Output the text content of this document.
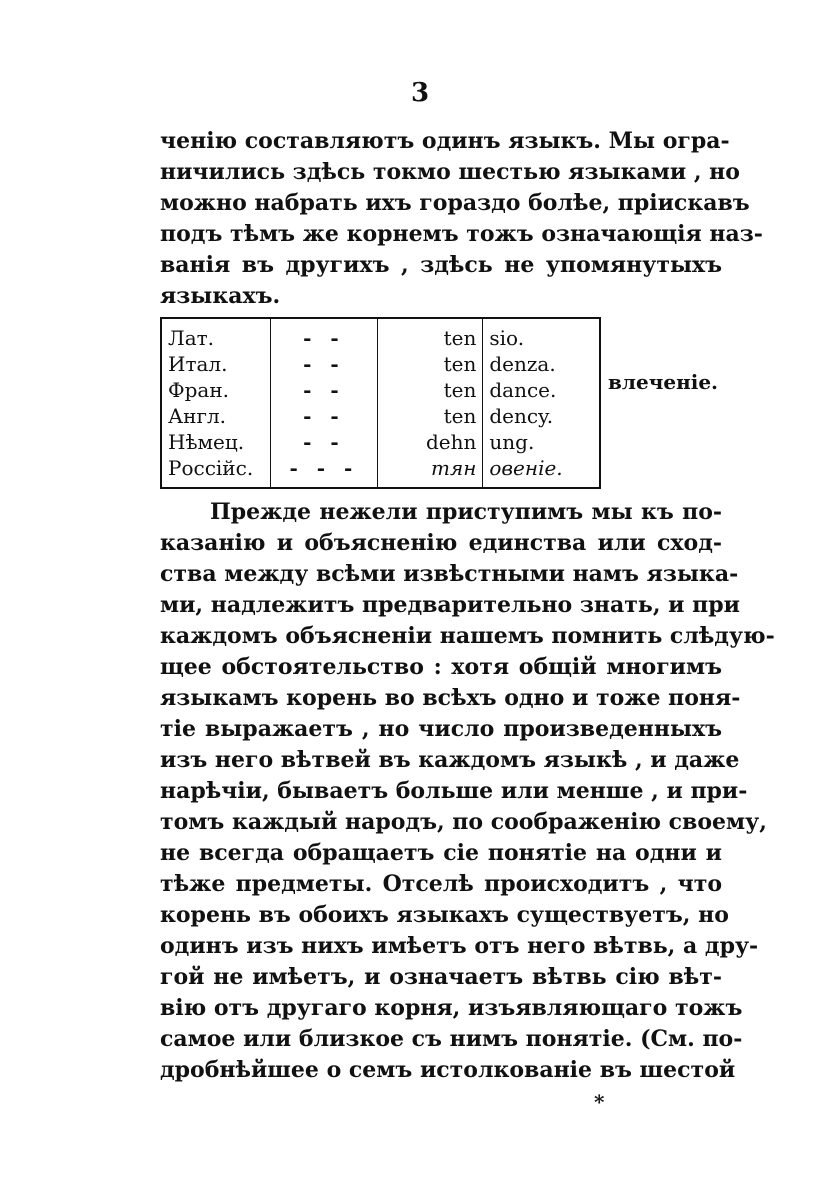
3
ченію составляютъ одинъ языкъ. Мы огра-
ничились здѣсь токмо шестью языками , но
можно набрать ихъ гораздо болѣе, пріискавъ
подъ тѣмъ же корнемъ тожъ означающія наз-
ванія въ другихъ , здѣсь не упомянутыхъ
языкахъ.
Лат.	- -	ten	sio.
Итал.	- -	ten	denza.
Фран.	- -	ten	dance.
Англ.	- -	ten	dency.
Нѣмец.	- -	dehn	ung.
Россійс.	- - -	тян	овеніе.
влеченіе.
Прежде нежели приступимъ мы къ по-
казанію и объясненію единства или сход-
ства между всѣми извѣстными намъ языка-
ми, надлежитъ предварительно знать, и при
каждомъ объясненіи нашемъ помнить слѣдую-
щее обстоятельство : хотя общій многимъ
языкамъ корень во всѣхъ одно и тоже поня-
тіе выражаетъ , но число произведенныхъ
изъ него вѣтвей въ каждомъ языкѣ , и даже
нарѣчіи, бываетъ больше или менше , и при-
томъ каждый народъ, по соображенію своему,
не всегда обращаетъ сіе понятіе на одни и
тѣже предметы. Отселѣ происходитъ , что
корень въ обоихъ языкахъ существуетъ, но
одинъ изъ нихъ имѣетъ отъ него вѣтвь, а дру-
гой не имѣетъ, и означаетъ вѣтвь сію вѣт-
вію отъ другаго корня, изъявляющаго тожъ
самое или близкое съ нимъ понятіе. (См. по-
дробнѣйшее о семъ истолкованіе въ шестой
*
